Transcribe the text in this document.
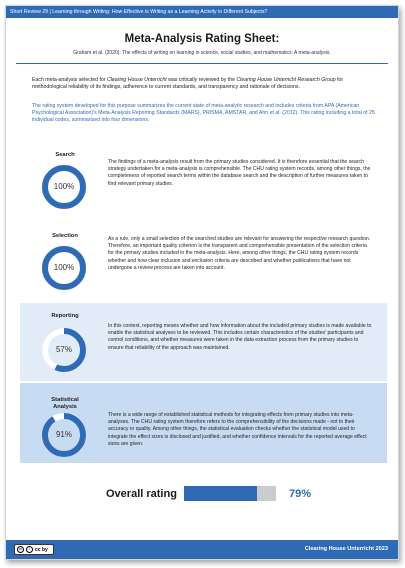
Short Review 29 | Learning through Writing: How Effective is Writing as a Learning Activity in Different Subjects?
Meta-Analysis Rating Sheet:
Graham et al. (2020). The effects of writing on learning in science, social studies, and mathematics: A meta-analysis.
Each meta-analysis selected for Clearing House Unterricht was critically reviewed by the Clearing House Unterricht Research Group for methodological reliability of its findings, adherence to current standards, and transparency and rationale of decisions.
The rating system developed for this purpose summarizes the current state of meta-analytic research and includes criteria from APA (American Psychological Association)'s Meta-Analysis Reporting Standards (MARS), PRISMA, AMSTAR, and Ahn et al. (2012). This rating including a total of 25 individual codes, summarized into four dimensions.
Search
100%
The findings of a meta-analysis result from the primary studies considered. It is therefore essential that the search strategy undertaken for a meta-analysis is comprehensible. The CHU rating system records, among other things, the completeness of reported search terms within the database search and the description of further measures taken to find relevant primary studies.
Selection
100%
As a rule, only a small selection of the searched studies are relevant for answering the respective research question. Therefore, an important quality criterion is the transparent and comprehensible presentation of the selection criteria for the primary studies included in the meta-analysis. Here, among other things, the CHU rating system records whether and how clear inclusion and exclusion criteria are described and whether publications that have not undergone a review process are taken into account.
Reporting
57%
In this context, reporting means whether and how information about the included primary studies is made available to enable the statistical analyses to be reviewed. This includes certain characteristics of the studies' participants and control conditions, and whether measures were taken in the data extraction process from the primary studies to ensure that reliability of the approach was maintained.
Statistical Analysis
91%
There is a wide range of established statistical methods for integrating effects from primary studies into meta-analyses. The CHU rating system therefore refers to the comprehensibility of the decisions made - not to their accuracy or quality. Among other things, the statistical evaluation checks whether the statistical model used to integrate the effect sizes is disclosed and justified, and whether confidence intervals for the reported average effect sizes are given.
Overall rating	79%
cc	i	cc by	Clearing House Unterricht 2023
